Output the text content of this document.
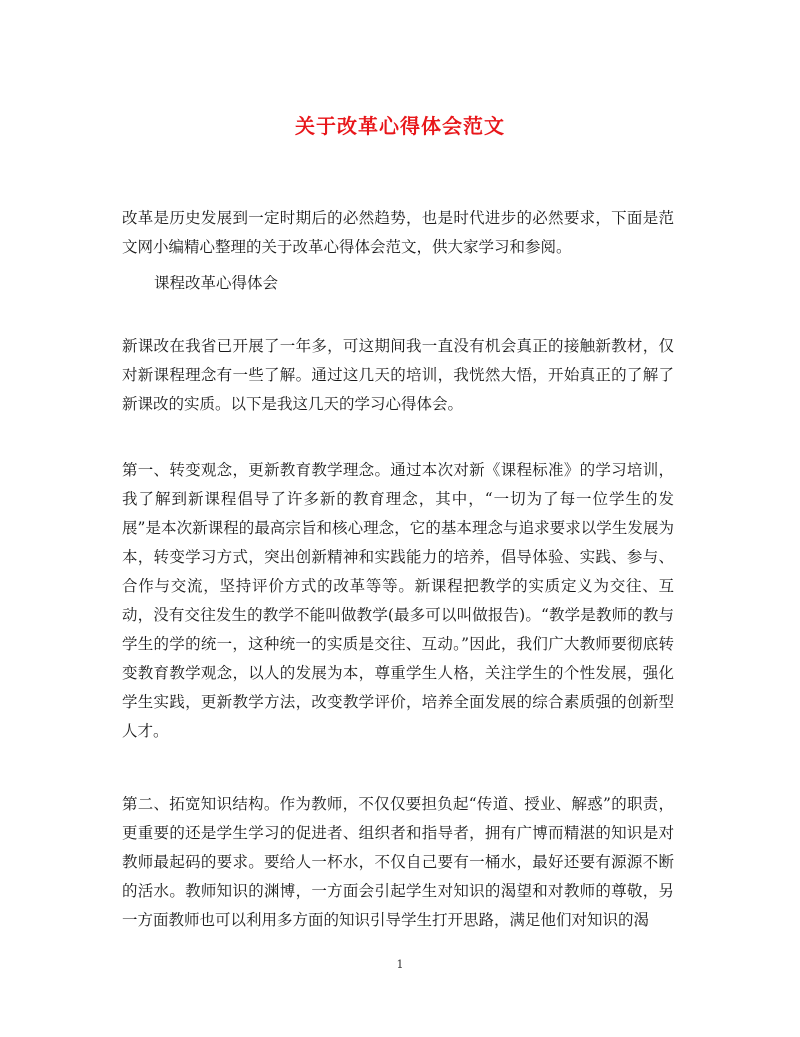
关于改革心得体会范文

改革是历史发展到一定时期后的必然趋势，也是时代进步的必然要求，下面是范文网小编精心整理的关于改革心得体会范文，供大家学习和参阅。

课程改革心得体会

新课改在我省已开展了一年多，可这期间我一直没有机会真正的接触新教材，仅对新课程理念有一些了解。通过这几天的培训，我恍然大悟，开始真正的了解了新课改的实质。以下是我这几天的学习心得体会。

第一、转变观念，更新教育教学理念。通过本次对新《课程标准》的学习培训，我了解到新课程倡导了许多新的教育理念，其中，“一切为了每一位学生的发展”是本次新课程的最高宗旨和核心理念，它的基本理念与追求要求以学生发展为本，转变学习方式，突出创新精神和实践能力的培养，倡导体验、实践、参与、合作与交流，坚持评价方式的改革等等。新课程把教学的实质定义为交往、互动，没有交往发生的教学不能叫做教学(最多可以叫做报告)。“教学是教师的教与学生的学的统一，这种统一的实质是交往、互动。”因此，我们广大教师要彻底转变教育教学观念，以人的发展为本，尊重学生人格，关注学生的个性发展，强化学生实践，更新教学方法，改变教学评价，培养全面发展的综合素质强的创新型人才。

第二、拓宽知识结构。作为教师，不仅仅要担负起“传道、授业、解惑”的职责，更重要的还是学生学习的促进者、组织者和指导者，拥有广博而精湛的知识是对教师最起码的要求。要给人一杯水，不仅自己要有一桶水，最好还要有源源不断的活水。教师知识的渊博，一方面会引起学生对知识的渴望和对教师的尊敬，另一方面教师也可以利用多方面的知识引导学生打开思路，满足他们对知识的渴

1
